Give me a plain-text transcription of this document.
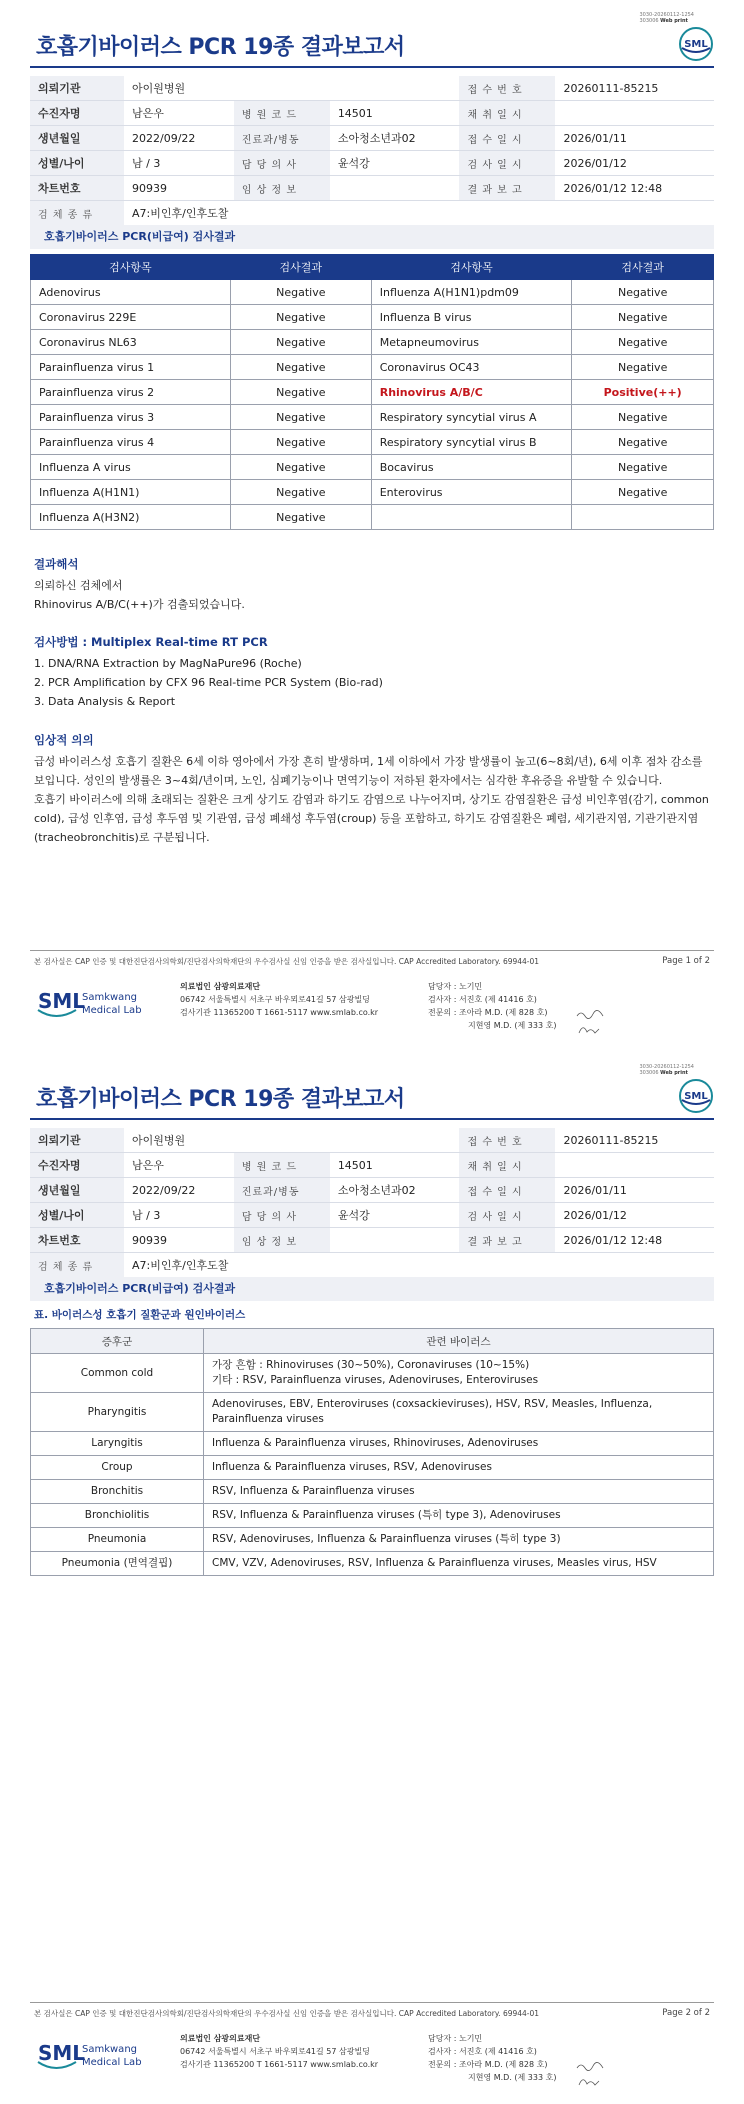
3030-20260112-1254
303006 Web print
SML
호흡기바이러스 PCR 19종 결과보고서
의뢰기관	아이원병원			접 수 번 호	20260111-85215
수진자명	남은우	병 원 코 드	14501	채 취 일 시	
생년월일	2022/09/22	진료과/병동	소아청소년과02	접 수 일 시	2026/01/11
성별/나이	남 / 3	담 당 의 사	윤석강	검 사 일 시	2026/01/12
차트번호	90939	임 상 정 보		결 과 보 고	2026/01/12 12:48
검 체 종 류	A7:비인후/인후도찰				
호흡기바이러스 PCR(비급여) 검사결과
검사항목	검사결과	검사항목	검사결과
Adenovirus	Negative	Influenza A(H1N1)pdm09	Negative
Coronavirus 229E	Negative	Influenza B virus	Negative
Coronavirus NL63	Negative	Metapneumovirus	Negative
Parainfluenza virus 1	Negative	Coronavirus OC43	Negative
Parainfluenza virus 2	Negative	Rhinovirus A/B/C	Positive(++)
Parainfluenza virus 3	Negative	Respiratory syncytial virus A	Negative
Parainfluenza virus 4	Negative	Respiratory syncytial virus B	Negative
Influenza A virus	Negative	Bocavirus	Negative
Influenza A(H1N1)	Negative	Enterovirus	Negative
Influenza A(H3N2)	Negative		
결과해석
의뢰하신 검체에서
Rhinovirus A/B/C(++)가 검출되었습니다.
검사방법 : Multiplex Real-time RT PCR
1. DNA/RNA Extraction by MagNaPure96 (Roche)
2. PCR Amplification by CFX 96 Real-time PCR System (Bio-rad)
3. Data Analysis & Report
임상적 의의
급성 바이러스성 호흡기 질환은 6세 이하 영아에서 가장 흔히 발생하며, 1세 이하에서 가장 발생률이 높고(6~8회/년), 6세 이후 점차 감소를 보입니다. 성인의 발생률은 3~4회/년이며, 노인, 심폐기능이나 면역기능이 저하된 환자에서는 심각한 후유증을 유발할 수 있습니다.
호흡기 바이러스에 의해 초래되는 질환은 크게 상기도 감염과 하기도 감염으로 나누어지며, 상기도 감염질환은 급성 비인후염(감기, common cold), 급성 인후염, 급성 후두염 및 기관염, 급성 폐쇄성 후두염(croup) 등을 포함하고, 하기도 감염질환은 폐렴, 세기관지염, 기관기관지염(tracheobronchitis)로 구분됩니다.
본 검사실은 CAP 인증 및 대한진단검사의학회/진단검사의학재단의 우수검사실 신임 인증을 받은 검사실입니다. CAP Accredited Laboratory. 69944-01	Page 1 of 2
SML
Samkwang
Medical Lab
의료법인 삼광의료재단
06742 서울특별시 서초구 바우뫼로41길 57 삼광빌딩
검사기관 11365200 T 1661-5117 www.smlab.co.kr
담당자 : 노기민
검사자 : 서진호 (제 41416 호)
전문의 : 조아라 M.D. (제 828 호)
지현영 M.D. (제 333 호)
3030-20260112-1254
303006 Web print
SML
호흡기바이러스 PCR 19종 결과보고서
의뢰기관	아이원병원			접 수 번 호	20260111-85215
수진자명	남은우	병 원 코 드	14501	채 취 일 시	
생년월일	2022/09/22	진료과/병동	소아청소년과02	접 수 일 시	2026/01/11
성별/나이	남 / 3	담 당 의 사	윤석강	검 사 일 시	2026/01/12
차트번호	90939	임 상 정 보		결 과 보 고	2026/01/12 12:48
검 체 종 류	A7:비인후/인후도찰				
호흡기바이러스 PCR(비급여) 검사결과
표. 바이러스성 호흡기 질환군과 원인바이러스
증후군	관련 바이러스
Common cold	가장 흔함 : Rhinoviruses (30~50%), Coronaviruses (10~15%)
기타 : RSV, Parainfluenza viruses, Adenoviruses, Enteroviruses

Pharyngitis	Adenoviruses, EBV, Enteroviruses (coxsackieviruses), HSV, RSV, Measles, Influenza,
Parainfluenza viruses

Laryngitis	Influenza & Parainfluenza viruses, Rhinoviruses, Adenoviruses

Croup	Influenza & Parainfluenza viruses, RSV, Adenoviruses

Bronchitis	RSV, Influenza & Parainfluenza viruses

Bronchiolitis	RSV, Influenza & Parainfluenza viruses (특히 type 3), Adenoviruses

Pneumonia	RSV, Adenoviruses, Influenza & Parainfluenza viruses (특히 type 3)

Pneumonia (면역결핍)	CMV, VZV, Adenoviruses, RSV, Influenza & Parainfluenza viruses, Measles virus, HSV
본 검사실은 CAP 인증 및 대한진단검사의학회/진단검사의학재단의 우수검사실 신임 인증을 받은 검사실입니다. CAP Accredited Laboratory. 69944-01	Page 2 of 2
SML
Samkwang
Medical Lab
의료법인 삼광의료재단
06742 서울특별시 서초구 바우뫼로41길 57 삼광빌딩
검사기관 11365200 T 1661-5117 www.smlab.co.kr
담당자 : 노기민
검사자 : 서진호 (제 41416 호)
전문의 : 조아라 M.D. (제 828 호)
지현영 M.D. (제 333 호)
